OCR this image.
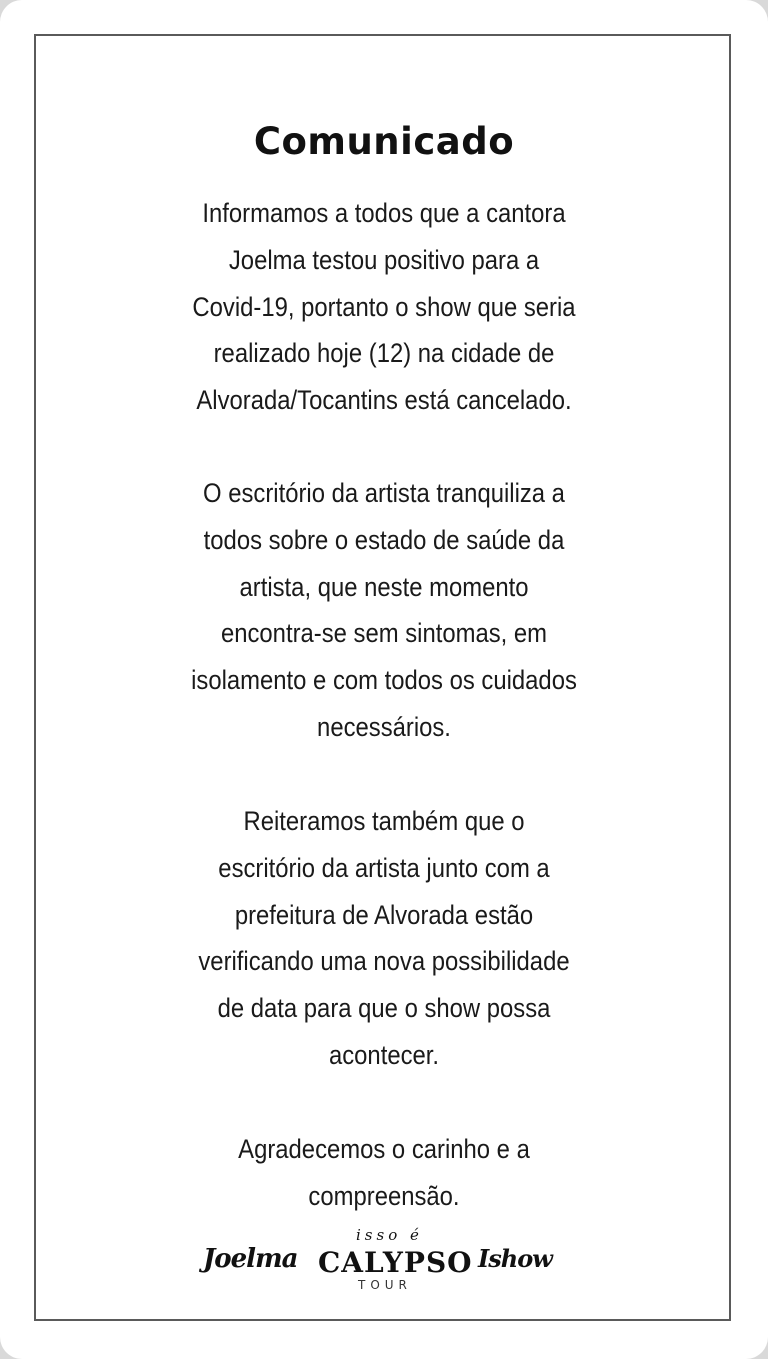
Comunicado
Informamos a todos que a cantora
Joelma testou positivo para a
Covid-19, portanto o show que seria
realizado hoje (12) na cidade de
Alvorada/Tocantins está cancelado.
O escritório da artista tranquiliza a
todos sobre o estado de saúde da
artista, que neste momento
encontra-se sem sintomas, em
isolamento e com todos os cuidados
necessários.
Reiteramos também que o
escritório da artista junto com a
prefeitura de Alvorada estão
verificando uma nova possibilidade
de data para que o show possa
acontecer.
Agradecemos o carinho e a
compreensão.
Joelma
isso é
CALYPSO Ishow
TOUR
